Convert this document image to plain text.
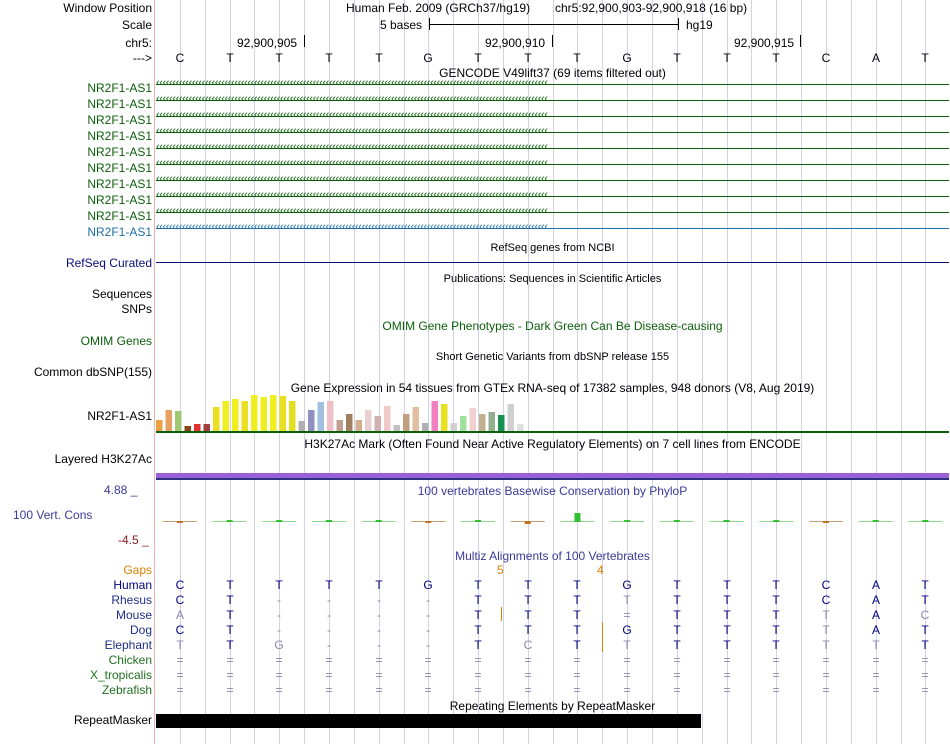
Window Position	Human Feb. 2009 (GRCh37/hg19) chr5:92,900,903-92,900,918 (16 bp)
Scale	5 bases	hg19
chr5:	92,900,905	92,900,910	92,900,915
--->	C	T	T	T	T	G	T	T	T	G	T	T	T	C	A	T
GENCODE V49lift37 (69 items filtered out)
NR2F1-AS1 ‹‹‹‹‹‹‹‹‹‹‹‹‹‹‹‹‹‹‹‹‹‹‹‹‹‹‹‹‹‹‹‹‹‹‹‹‹‹‹‹‹‹‹‹‹‹‹‹‹‹‹‹‹‹‹‹‹‹‹‹‹‹‹‹‹‹‹‹‹‹‹‹‹‹‹‹‹‹‹‹‹‹‹‹‹‹‹‹‹‹‹‹‹‹‹‹‹‹‹‹‹‹‹‹‹‹‹‹‹‹‹‹‹‹‹‹‹‹‹‹
NR2F1-AS1 ‹‹‹‹‹‹‹‹‹‹‹‹‹‹‹‹‹‹‹‹‹‹‹‹‹‹‹‹‹‹‹‹‹‹‹‹‹‹‹‹‹‹‹‹‹‹‹‹‹‹‹‹‹‹‹‹‹‹‹‹‹‹‹‹‹‹‹‹‹‹‹‹‹‹‹‹‹‹‹‹‹‹‹‹‹‹‹‹‹‹‹‹‹‹‹‹‹‹‹‹‹‹‹‹‹‹‹‹‹‹‹‹‹‹‹‹‹‹‹‹
NR2F1-AS1 ‹‹‹‹‹‹‹‹‹‹‹‹‹‹‹‹‹‹‹‹‹‹‹‹‹‹‹‹‹‹‹‹‹‹‹‹‹‹‹‹‹‹‹‹‹‹‹‹‹‹‹‹‹‹‹‹‹‹‹‹‹‹‹‹‹‹‹‹‹‹‹‹‹‹‹‹‹‹‹‹‹‹‹‹‹‹‹‹‹‹‹‹‹‹‹‹‹‹‹‹‹‹‹‹‹‹‹‹‹‹‹‹‹‹‹‹‹‹‹‹
NR2F1-AS1 ‹‹‹‹‹‹‹‹‹‹‹‹‹‹‹‹‹‹‹‹‹‹‹‹‹‹‹‹‹‹‹‹‹‹‹‹‹‹‹‹‹‹‹‹‹‹‹‹‹‹‹‹‹‹‹‹‹‹‹‹‹‹‹‹‹‹‹‹‹‹‹‹‹‹‹‹‹‹‹‹‹‹‹‹‹‹‹‹‹‹‹‹‹‹‹‹‹‹‹‹‹‹‹‹‹‹‹‹‹‹‹‹‹‹‹‹‹‹‹‹
NR2F1-AS1 ‹‹‹‹‹‹‹‹‹‹‹‹‹‹‹‹‹‹‹‹‹‹‹‹‹‹‹‹‹‹‹‹‹‹‹‹‹‹‹‹‹‹‹‹‹‹‹‹‹‹‹‹‹‹‹‹‹‹‹‹‹‹‹‹‹‹‹‹‹‹‹‹‹‹‹‹‹‹‹‹‹‹‹‹‹‹‹‹‹‹‹‹‹‹‹‹‹‹‹‹‹‹‹‹‹‹‹‹‹‹‹‹‹‹‹‹‹‹‹‹
NR2F1-AS1 ‹‹‹‹‹‹‹‹‹‹‹‹‹‹‹‹‹‹‹‹‹‹‹‹‹‹‹‹‹‹‹‹‹‹‹‹‹‹‹‹‹‹‹‹‹‹‹‹‹‹‹‹‹‹‹‹‹‹‹‹‹‹‹‹‹‹‹‹‹‹‹‹‹‹‹‹‹‹‹‹‹‹‹‹‹‹‹‹‹‹‹‹‹‹‹‹‹‹‹‹‹‹‹‹‹‹‹‹‹‹‹‹‹‹‹‹‹‹‹‹
NR2F1-AS1 ‹‹‹‹‹‹‹‹‹‹‹‹‹‹‹‹‹‹‹‹‹‹‹‹‹‹‹‹‹‹‹‹‹‹‹‹‹‹‹‹‹‹‹‹‹‹‹‹‹‹‹‹‹‹‹‹‹‹‹‹‹‹‹‹‹‹‹‹‹‹‹‹‹‹‹‹‹‹‹‹‹‹‹‹‹‹‹‹‹‹‹‹‹‹‹‹‹‹‹‹‹‹‹‹‹‹‹‹‹‹‹‹‹‹‹‹‹‹‹‹
NR2F1-AS1 ‹‹‹‹‹‹‹‹‹‹‹‹‹‹‹‹‹‹‹‹‹‹‹‹‹‹‹‹‹‹‹‹‹‹‹‹‹‹‹‹‹‹‹‹‹‹‹‹‹‹‹‹‹‹‹‹‹‹‹‹‹‹‹‹‹‹‹‹‹‹‹‹‹‹‹‹‹‹‹‹‹‹‹‹‹‹‹‹‹‹‹‹‹‹‹‹‹‹‹‹‹‹‹‹‹‹‹‹‹‹‹‹‹‹‹‹‹‹‹‹
NR2F1-AS1 ‹‹‹‹‹‹‹‹‹‹‹‹‹‹‹‹‹‹‹‹‹‹‹‹‹‹‹‹‹‹‹‹‹‹‹‹‹‹‹‹‹‹‹‹‹‹‹‹‹‹‹‹‹‹‹‹‹‹‹‹‹‹‹‹‹‹‹‹‹‹‹‹‹‹‹‹‹‹‹‹‹‹‹‹‹‹‹‹‹‹‹‹‹‹‹‹‹‹‹‹‹‹‹‹‹‹‹‹‹‹‹‹‹‹‹‹‹‹‹‹
NR2F1-AS1 ‹‹‹‹‹‹‹‹‹‹‹‹‹‹‹‹‹‹‹‹‹‹‹‹‹‹‹‹‹‹‹‹‹‹‹‹‹‹‹‹‹‹‹‹‹‹‹‹‹‹‹‹‹‹‹‹‹‹‹‹‹‹‹‹‹‹‹‹‹‹‹‹‹‹‹‹‹‹‹‹‹‹‹‹‹‹‹‹‹‹‹‹‹‹‹‹‹‹‹‹‹‹‹‹‹‹‹‹‹‹‹‹‹‹‹‹‹‹‹‹
RefSeq genes from NCBI
RefSeq Curated
Publications: Sequences in Scientific Articles
Sequences
SNPs
OMIM Gene Phenotypes - Dark Green Can Be Disease-causing
OMIM Genes
Short Genetic Variants from dbSNP release 155
Common dbSNP(155)
Gene Expression in 54 tissues from GTEx RNA-seq of 17382 samples, 948 donors (V8, Aug 2019)
NR2F1-AS1
H3K27Ac Mark (Often Found Near Active Regulatory Elements) on 7 cell lines from ENCODE
Layered H3K27Ac
100 vertebrates Basewise Conservation by PhyloP
4.88 _
100 Vert. Cons
-4.5 _
Multiz Alignments of 100 Vertebrates
Gaps	5	4
Human	C	T	T	T	T	G	T	T	T	G	T	T	T	C	A	T
Rhesus	C	T	-	-	-	-	T	T	T	T	T	T	T	C	A	T
Mouse	A	T	-	-	-	-	T	T	T	=	T	T	T	T	A	C
Dog	C	T	-	-	-	-	T	T	T	G	T	T	T	T	A	T
Elephant	T	T	G	-	-	-	T	C	T	T	T	T	T	T	T	T
Chicken	=	=	=	=	=	=	=	=	=	=	=	=	=	=	=	=
X_tropicalis	=	=	=	=	=	=	=	=	=	=	=	=	=	=	=	=
Zebrafish	=	=	=	=	=	=	=	=	=	=	=	=	=	=	=	=
Repeating Elements by RepeatMasker
RepeatMasker
